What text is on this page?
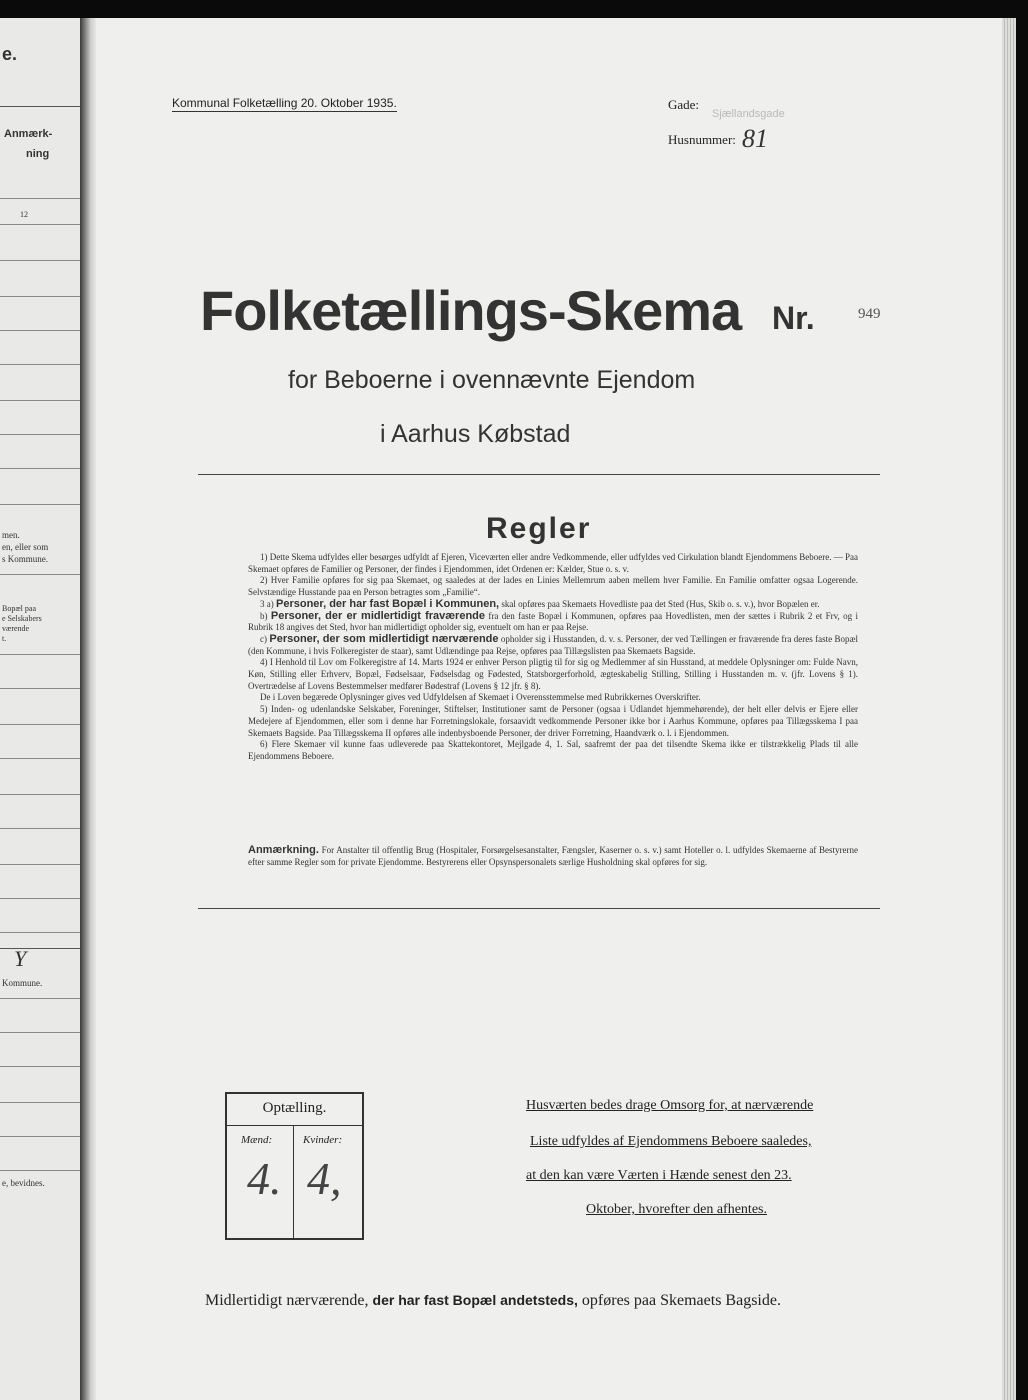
e.
Anmærk-
ning
12
men.
en, eller som
s Kommune.
Bopæl paa
e Selskabers
værende
t.
Y
Kommune.
e, bevidnes.
Kommunal Folketælling 20. Oktober 1935.	Gade:
Sjællandsgade
Husnummer: 81
Folketællings-Skema Nr.	949
for Beboerne i ovennævnte Ejendom
i Aarhus Købstad
Regler

1) Dette Skema udfyldes eller besørges udfyldt af Ejeren, Viceværten eller andre Vedkommende, eller udfyldes ved Cirkulation blandt Ejendommens Beboere. — Paa Skemaet opføres de Familier og Personer, der findes i Ejendommen, idet Ordenen er: Kælder, Stue o. s. v.

2) Hver Familie opføres for sig paa Skemaet, og saaledes at der lades en Linies Mellemrum aaben mellem hver Familie. En Familie omfatter ogsaa Logerende. Selvstændige Husstande paa en Person betragtes som „Familie“.

3 a) Personer, der har fast Bopæl i Kommunen, skal opføres paa Skemaets Hovedliste paa det Sted (Hus, Skib o. s. v.), hvor Bopælen er.

b) Personer, der er midlertidigt fraværende fra den faste Bopæl i Kommunen, opføres paa Hovedlisten, men der sættes i Rubrik 2 et Frv, og i Rubrik 18 angives det Sted, hvor han midlertidigt opholder sig, eventuelt om han er paa Rejse.

c) Personer, der som midlertidigt nærværende opholder sig i Husstanden, d. v. s. Personer, der ved Tællingen er fraværende fra deres faste Bopæl (den Kommune, i hvis Folkeregister de staar), samt Udlændinge paa Rejse, opføres paa Tillægslisten paa Skemaets Bagside.

4) I Henhold til Lov om Folkeregistre af 14. Marts 1924 er enhver Person pligtig til for sig og Medlemmer af sin Husstand, at meddele Oplysninger om: Fulde Navn, Køn, Stilling eller Erhverv, Bopæl, Fødselsaar, Fødselsdag og Fødested, Statsborgerforhold, ægteskabelig Stilling, Stilling i Husstanden m. v. (jfr. Lovens § 1). Overtrædelse af Lovens Bestemmelser medfører Bødestraf (Lovens § 12 jfr. § 8).

De i Loven begærede Oplysninger gives ved Udfyldelsen af Skemaet i Overensstemmelse med Rubrikkernes Overskrifter.

5) Inden- og udenlandske Selskaber, Foreninger, Stiftelser, Institutioner samt de Personer (ogsaa i Udlandet hjemmehørende), der helt eller delvis er Ejere eller Medejere af Ejendommen, eller som i denne har Forretningslokale, forsaavidt vedkommende Personer ikke bor i Aarhus Kommune, opføres paa Tillægsskema I paa Skemaets Bagside. Paa Tillægsskema II opføres alle indenbysboende Personer, der driver Forretning, Haandværk o. l. i Ejendommen.

6) Flere Skemaer vil kunne faas udleverede paa Skattekontoret, Mejlgade 4, 1. Sal, saafremt der paa det tilsendte Skema ikke er tilstrækkelig Plads til alle Ejendommens Beboere.

Anmærkning. For Anstalter til offentlig Brug (Hospitaler, Forsørgelsesanstalter, Fængsler, Kaserner o. s. v.) samt Hoteller o. l. udfyldes Skemaerne af Bestyrerne efter samme Regler som for private Ejendomme. Bestyrerens eller Opsynspersonalets særlige Husholdning skal opføres for sig.
Optælling.
Mænd:	Kvinder:
4. 4,
Husværten bedes drage Omsorg for, at nærværende
Liste udfyldes af Ejendommens Beboere saaledes,
at den kan være Værten i Hænde senest den 23.
Oktober, hvorefter den afhentes.
Midlertidigt nærværende, der har fast Bopæl andetsteds, opføres paa Skemaets Bagside.
